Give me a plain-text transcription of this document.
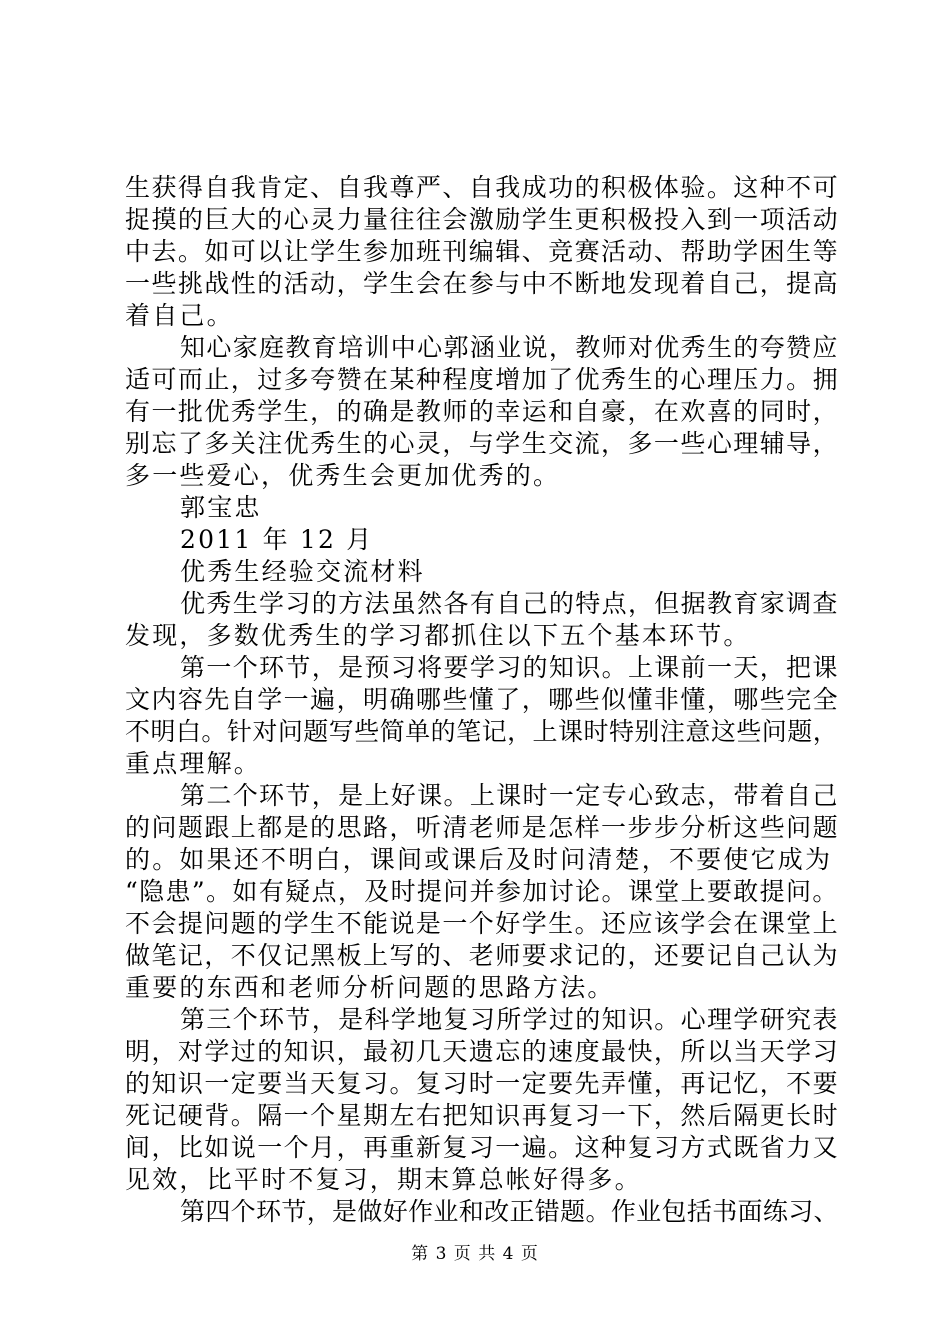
生获得自我肯定、自我尊严、自我成功的积极体验。这种不可
捉摸的巨大的心灵力量往往会激励学生更积极投入到一项活动
中去。如可以让学生参加班刊编辑、竞赛活动、帮助学困生等
一些挑战性的活动，学生会在参与中不断地发现着自己，提高
着自己。
知心家庭教育培训中心郭涵业说，教师对优秀生的夸赞应
适可而止，过多夸赞在某种程度增加了优秀生的心理压力。拥
有一批优秀学生，的确是教师的幸运和自豪，在欢喜的同时，
别忘了多关注优秀生的心灵，与学生交流，多一些心理辅导，
多一些爱心，优秀生会更加优秀的。
郭宝忠
2011 年 12 月
优秀生经验交流材料
优秀生学习的方法虽然各有自己的特点，但据教育家调查
发现，多数优秀生的学习都抓住以下五个基本环节。
第一个环节，是预习将要学习的知识。上课前一天，把课
文内容先自学一遍，明确哪些懂了，哪些似懂非懂，哪些完全
不明白。针对问题写些简单的笔记，上课时特别注意这些问题，
重点理解。
第二个环节，是上好课。上课时一定专心致志，带着自己
的问题跟上都是的思路，听清老师是怎样一步步分析这些问题
的。如果还不明白，课间或课后及时问清楚，不要使它成为
“隐患”。如有疑点，及时提问并参加讨论。课堂上要敢提问。
不会提问题的学生不能说是一个好学生。还应该学会在课堂上
做笔记，不仅记黑板上写的、老师要求记的，还要记自己认为
重要的东西和老师分析问题的思路方法。
第三个环节，是科学地复习所学过的知识。心理学研究表
明，对学过的知识，最初几天遗忘的速度最快，所以当天学习
的知识一定要当天复习。复习时一定要先弄懂，再记忆，不要
死记硬背。隔一个星期左右把知识再复习一下，然后隔更长时
间，比如说一个月，再重新复习一遍。这种复习方式既省力又
见效，比平时不复习，期末算总帐好得多。
第四个环节，是做好作业和改正错题。作业包括书面练习、
第 3 页 共 4 页
